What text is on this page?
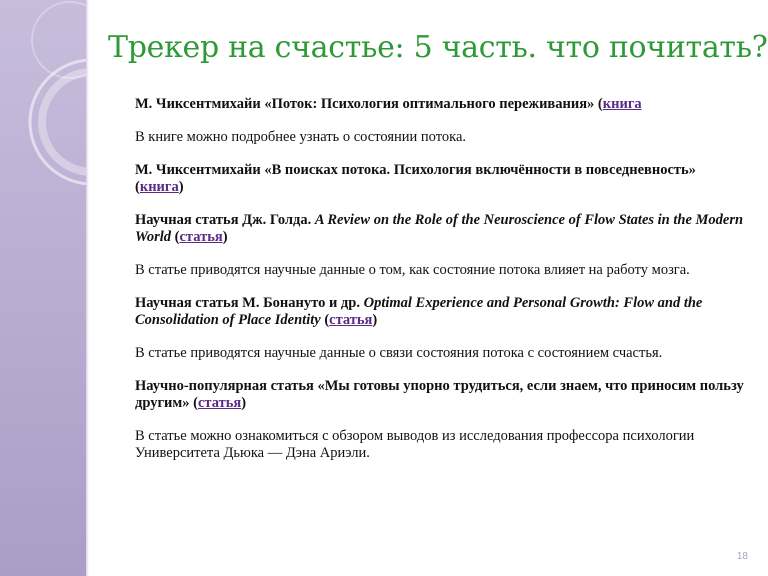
Трекер на счастье: 5 часть. что почитать?

М. Чиксентмихайи «Поток: Психология оптимального переживания» (книга

В книге можно подробнее узнать о состоянии потока.

М. Чиксентмихайи «В поисках потока. Психология включённости в повседневность» (книга)

Научная статья Дж. Голда. A Review on the Role of the Neuroscience of Flow States in the Modern World (статья)

В статье приводятся научные данные о том, как состояние потока влияет на работу мозга.

Научная статья М. Бонануто и др. Optimal Experience and Personal Growth: Flow and the Consolidation of Place Identity (статья)

В статье приводятся научные данные о связи состояния потока с состоянием счастья.

Научно-популярная статья «Мы готовы упорно трудиться, если знаем, что приносим пользу другим» (статья)

В статье можно ознакомиться с обзором выводов из исследования профессора психологии Университета Дьюка — Дэна Ариэли.

18
